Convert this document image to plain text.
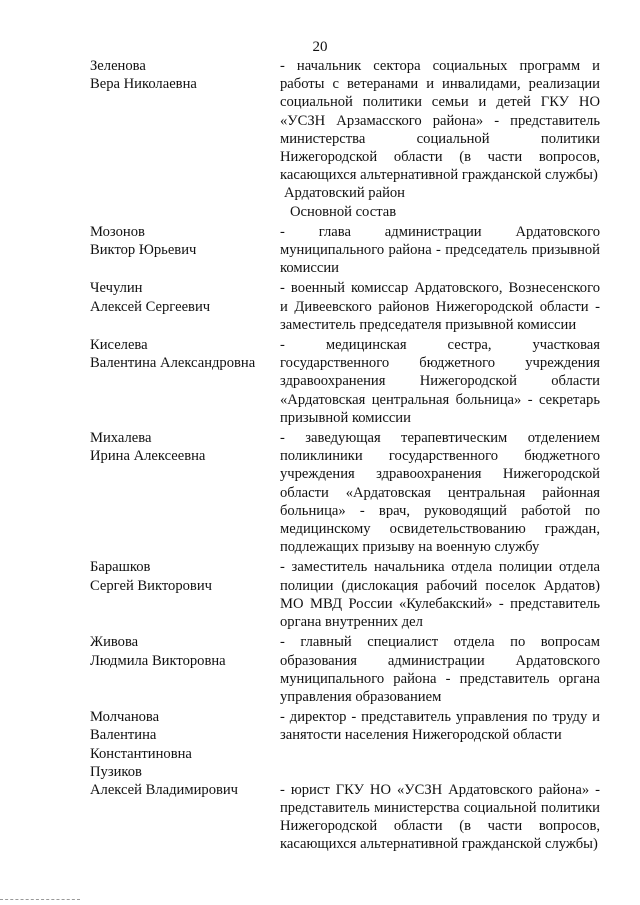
20
Зеленова
Вера Николаевна
- начальник сектора социальных программ и работы с ветеранами и инвалидами, реализации социальной политики семьи и детей ГКУ НО «УСЗН Арзамасского района» - представитель министерства социальной политики Нижегородской области (в части вопросов, касающихся альтернативной гражданской службы)
Ардатовский район
Основной состав
Мозонов
Виктор Юрьевич
- глава администрации Ардатовского муниципального района - председатель призывной комиссии
Чечулин
Алексей Сергеевич
- военный комиссар Ардатовского, Вознесенского и Дивеевского районов Нижегородской области - заместитель председателя призывной комиссии
Киселева
Валентина Александровна
- медицинская сестра, участковая государственного бюджетного учреждения здравоохранения Нижегородской области «Ардатовская центральная больница» - секретарь призывной комиссии
Михалева
Ирина Алексеевна
- заведующая терапевтическим отделением поликлиники государственного бюджетного учреждения здравоохранения Нижегородской области «Ардатовская центральная районная больница» - врач, руководящий работой по медицинскому освидетельствованию граждан, подлежащих призыву на военную службу
Барашков
Сергей Викторович
- заместитель начальника отдела полиции отдела полиции (дислокация рабочий поселок Ардатов) МО МВД России «Кулебакский» - представитель органа внутренних дел
Живова
Людмила Викторовна
- главный специалист отдела по вопросам образования администрации Ардатовского муниципального района - представитель органа управления образованием
Молчанова
Валентина
Константиновна
- директор - представитель управления по труду и занятости населения Нижегородской области
Пузиков
Алексей Владимирович	- юрист ГКУ НО «УСЗН Ардатовского района» - представитель министерства социальной политики Нижегородской области (в части вопросов, касающихся альтернативной гражданской службы)
